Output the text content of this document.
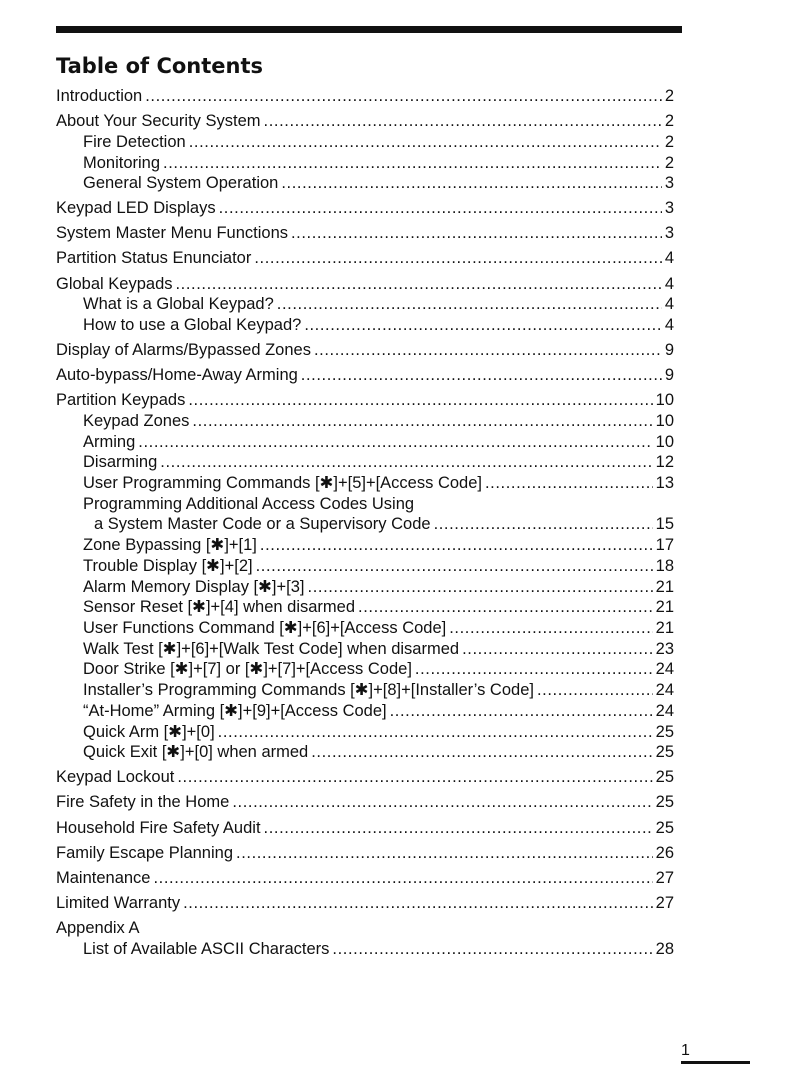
Table of Contents
Introduction .....	2
About Your Security System .....	2
Fire Detection .....	2
Monitoring .....	2
General System Operation .....	3
Keypad LED Displays .....	3
System Master Menu Functions .....	3
Partition Status Enunciator .....	4
Global Keypads .....	4
What is a Global Keypad? .....	4
How to use a Global Keypad? .....	4
Display of Alarms/Bypassed Zones .....	9
Auto-bypass/Home-Away Arming .....	9
Partition Keypads .....	10
Keypad Zones .....	10
Arming .....	10
Disarming .....	12
User Programming Commands [✱]+[5]+[Access Code] .....	13
Programming Additional Access Codes Using
a System Master Code or a Supervisory Code .....	15
Zone Bypassing [✱]+[1] .....	17
Trouble Display [✱]+[2] .....	18
Alarm Memory Display [✱]+[3] .....	21
Sensor Reset [✱]+[4] when disarmed .....	21
User Functions Command [✱]+[6]+[Access Code] .....	21
Walk Test [✱]+[6]+[Walk Test Code] when disarmed .....	23
Door Strike [✱]+[7] or [✱]+[7]+[Access Code] .....	24
Installer’s Programming Commands [✱]+[8]+[Installer’s Code] .....	24
“At-Home” Arming [✱]+[9]+[Access Code] .....	24
Quick Arm [✱]+[0] .....	25
Quick Exit [✱]+[0] when armed .....	25
Keypad Lockout .....	25
Fire Safety in the Home .....	25
Household Fire Safety Audit .....	25
Family Escape Planning .....	26
Maintenance .....	27
Limited Warranty .....	27
Appendix A
List of Available ASCII Characters .....	28
1
